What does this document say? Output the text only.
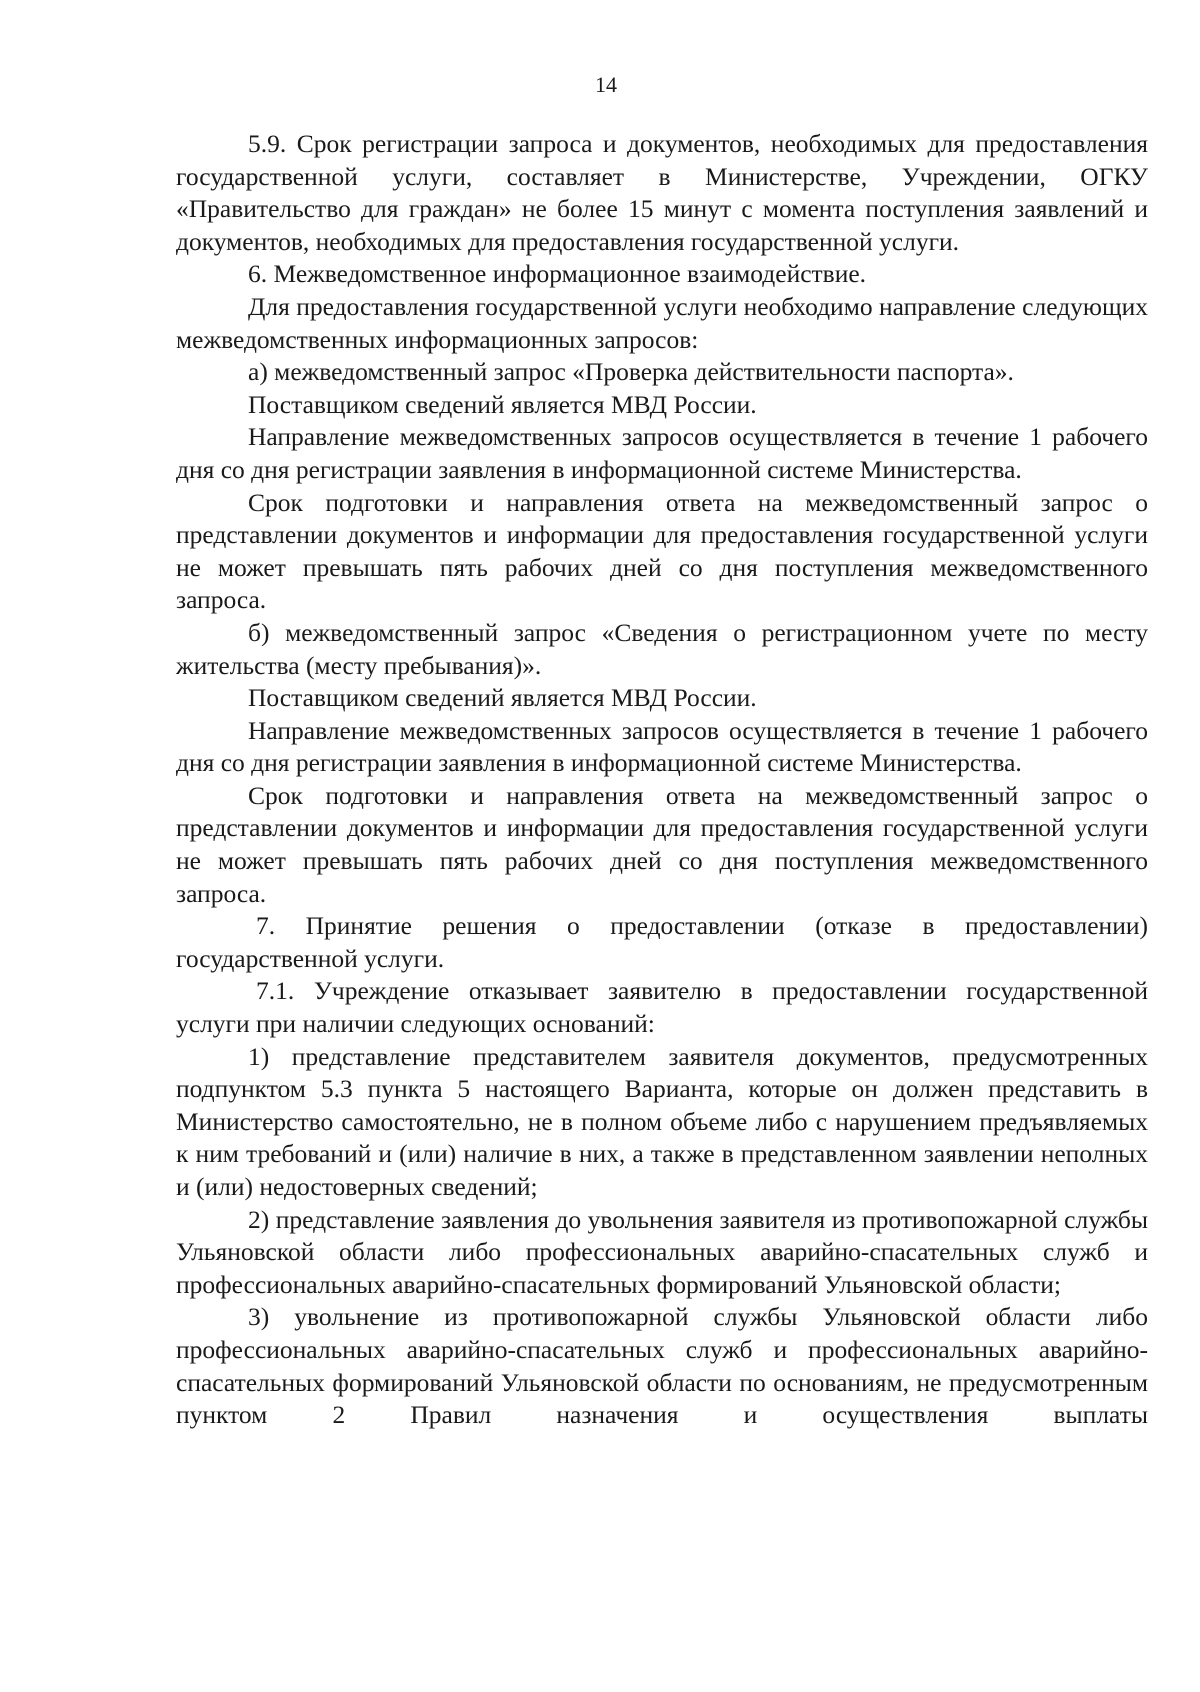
14

5.9. Срок регистрации запроса и документов, необходимых для предоставления государственной услуги, составляет в Министерстве, Учреждении, ОГКУ «Правительство для граждан» не более 15 минут с момента поступления заявлений и документов, необходимых для предоставления государственной услуги.

6. Межведомственное информационное взаимодействие.

Для предоставления государственной услуги необходимо направление следующих межведомственных информационных запросов:

а) межведомственный запрос «Проверка действительности паспорта».

Поставщиком сведений является МВД России.

Направление межведомственных запросов осуществляется в течение 1 рабочего дня со дня регистрации заявления в информационной системе Министерства.

Срок подготовки и направления ответа на межведомственный запрос о представлении документов и информации для предоставления государственной услуги не может превышать пять рабочих дней со дня поступления межведомственного запроса.

б) межведомственный запрос «Сведения о регистрационном учете по месту жительства (месту пребывания)».

Поставщиком сведений является МВД России.

Направление межведомственных запросов осуществляется в течение 1 рабочего дня со дня регистрации заявления в информационной системе Министерства.

Срок подготовки и направления ответа на межведомственный запрос о представлении документов и информации для предоставления государственной услуги не может превышать пять рабочих дней со дня поступления межведомственного запроса.

7. Принятие решения о предоставлении (отказе в предоставлении) государственной услуги.

7.1. Учреждение отказывает заявителю в предоставлении государственной услуги при наличии следующих оснований:

1) представление представителем заявителя документов, предусмотренных подпунктом 5.3 пункта 5 настоящего Варианта, которые он должен представить в Министерство самостоятельно, не в полном объеме либо с нарушением предъявляемых к ним требований и (или) наличие в них, а также в представленном заявлении неполных и (или) недостоверных сведений;

2) представление заявления до увольнения заявителя из противопожарной службы Ульяновской области либо профессиональных аварийно-спасательных служб и профессиональных аварийно-спасательных формирований Ульяновской области;

3) увольнение из противопожарной службы Ульяновской области либо профессиональных аварийно-спасательных служб и профессиональных аварийно-спасательных формирований Ульяновской области по основаниям, не предусмотренным пунктом 2 Правил назначения и осуществления выплаты
